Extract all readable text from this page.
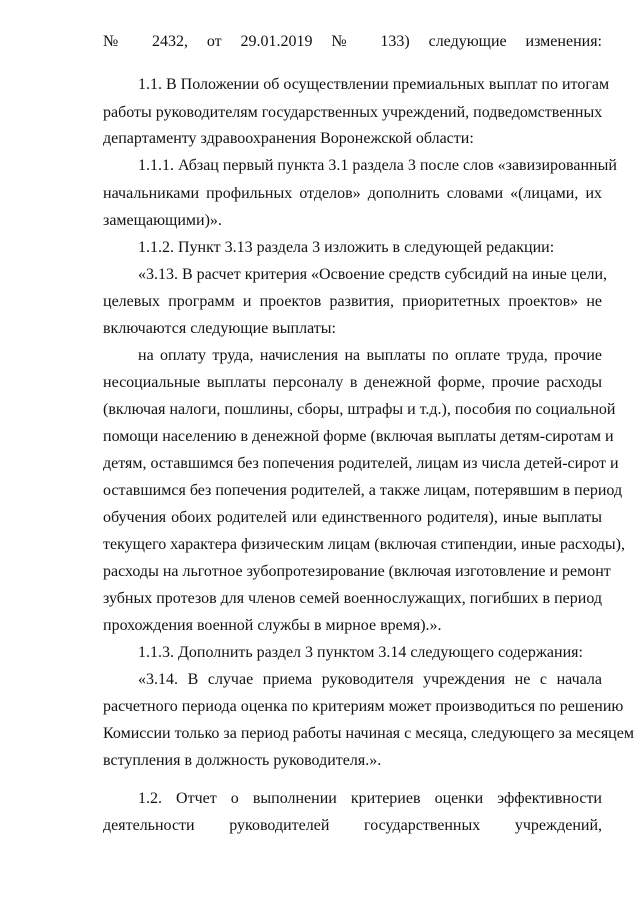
№ 2432, от 29.01.2019 № 133) следующие изменения:
1.1. В Положении об осуществлении премиальных выплат по итогам
работы руководителям государственных учреждений, подведомственных
департаменту здравоохранения Воронежской области:
1.1.1. Абзац первый пункта 3.1 раздела 3 после слов «завизированный
начальниками профильных отделов» дополнить словами «(лицами, их
замещающими)».
1.1.2. Пункт 3.13 раздела 3 изложить в следующей редакции:
«3.13. В расчет критерия «Освоение средств субсидий на иные цели,
целевых программ и проектов развития, приоритетных проектов» не
включаются следующие выплаты:
на оплату труда, начисления на выплаты по оплате труда, прочие
несоциальные выплаты персоналу в денежной форме, прочие расходы
(включая налоги, пошлины, сборы, штрафы и т.д.), пособия по социальной
помощи населению в денежной форме (включая выплаты детям-сиротам и
детям, оставшимся без попечения родителей, лицам из числа детей-сирот и
оставшимся без попечения родителей, а также лицам, потерявшим в период
обучения обоих родителей или единственного родителя), иные выплаты
текущего характера физическим лицам (включая стипендии, иные расходы),
расходы на льготное зубопротезирование (включая изготовление и ремонт
зубных протезов для членов семей военнослужащих, погибших в период
прохождения военной службы в мирное время).».
1.1.3. Дополнить раздел 3 пунктом 3.14 следующего содержания:
«3.14. В случае приема руководителя учреждения не с начала
расчетного периода оценка по критериям может производиться по решению
Комиссии только за период работы начиная с месяца, следующего за месяцем
вступления в должность руководителя.».
1.2. Отчет о выполнении критериев оценки эффективности
деятельности руководителей государственных учреждений,
